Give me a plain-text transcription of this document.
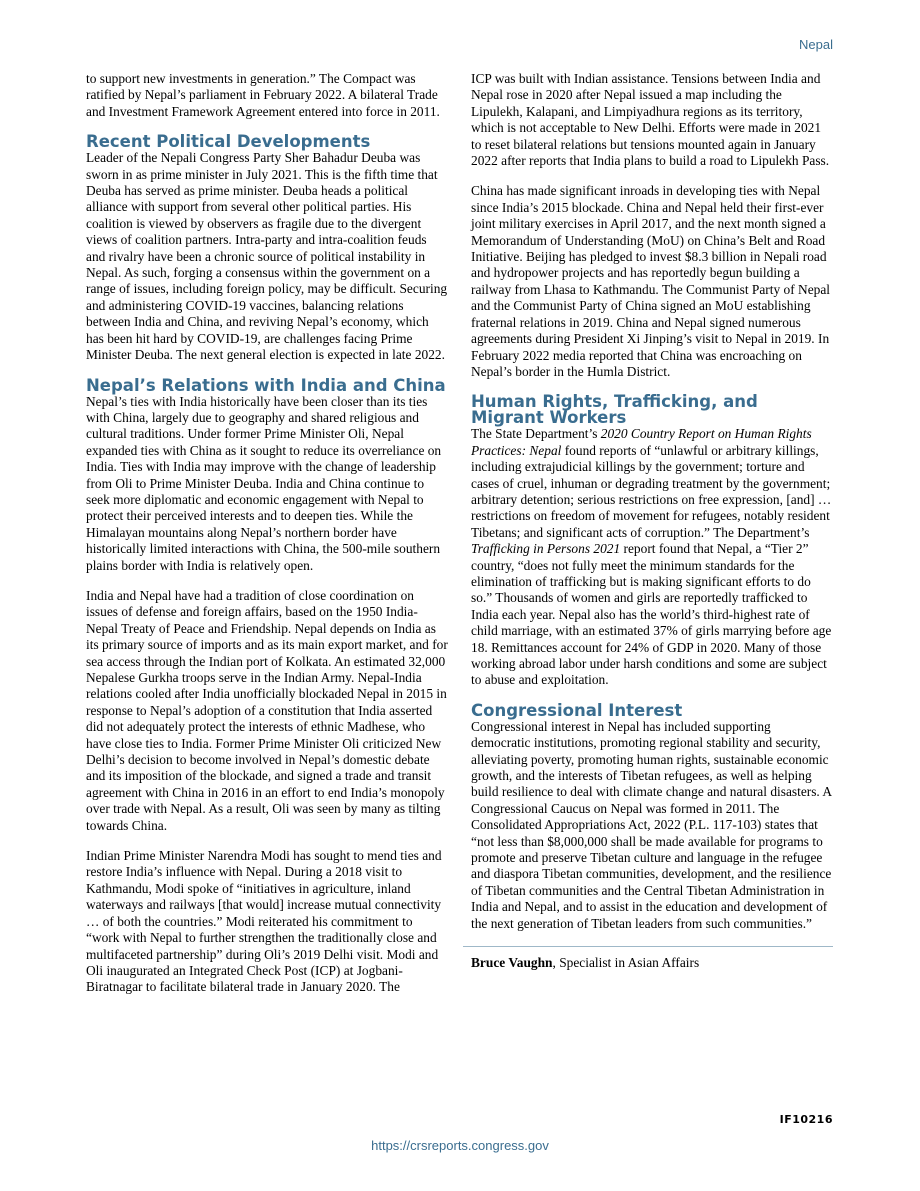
Nepal

to support new investments in generation.” The Compact was ratified by Nepal’s parliament in February 2022. A bilateral Trade and Investment Framework Agreement entered into force in 2011.

Recent Political Developments

Leader of the Nepali Congress Party Sher Bahadur Deuba was sworn in as prime minister in July 2021. This is the fifth time that Deuba has served as prime minister. Deuba heads a political alliance with support from several other political parties. His coalition is viewed by observers as fragile due to the divergent views of coalition partners. Intra-party and intra-coalition feuds and rivalry have been a chronic source of political instability in Nepal. As such, forging a consensus within the government on a range of issues, including foreign policy, may be difficult. Securing and administering COVID-19 vaccines, balancing relations between India and China, and reviving Nepal’s economy, which has been hit hard by COVID-19, are challenges facing Prime Minister Deuba. The next general election is expected in late 2022.

Nepal’s Relations with India and China

Nepal’s ties with India historically have been closer than its ties with China, largely due to geography and shared religious and cultural traditions. Under former Prime Minister Oli, Nepal expanded ties with China as it sought to reduce its overreliance on India. Ties with India may improve with the change of leadership from Oli to Prime Minister Deuba. India and China continue to seek more diplomatic and economic engagement with Nepal to protect their perceived interests and to deepen ties. While the Himalayan mountains along Nepal’s northern border have historically limited interactions with China, the 500-mile southern plains border with India is relatively open.

India and Nepal have had a tradition of close coordination on issues of defense and foreign affairs, based on the 1950 India-Nepal Treaty of Peace and Friendship. Nepal depends on India as its primary source of imports and as its main export market, and for sea access through the Indian port of Kolkata. An estimated 32,000 Nepalese Gurkha troops serve in the Indian Army. Nepal-India relations cooled after India unofficially blockaded Nepal in 2015 in response to Nepal’s adoption of a constitution that India asserted did not adequately protect the interests of ethnic Madhese, who have close ties to India. Former Prime Minister Oli criticized New Delhi’s decision to become involved in Nepal’s domestic debate and its imposition of the blockade, and signed a trade and transit agreement with China in 2016 in an effort to end India’s monopoly over trade with Nepal. As a result, Oli was seen by many as tilting towards China.

Indian Prime Minister Narendra Modi has sought to mend ties and restore India’s influence with Nepal. During a 2018 visit to Kathmandu, Modi spoke of “initiatives in agriculture, inland waterways and railways [that would] increase mutual connectivity … of both the countries.” Modi reiterated his commitment to “work with Nepal to further strengthen the traditionally close and multifaceted partnership” during Oli’s 2019 Delhi visit. Modi and Oli inaugurated an Integrated Check Post (ICP) at Jogbani-Biratnagar to facilitate bilateral trade in January 2020. The

ICP was built with Indian assistance. Tensions between India and Nepal rose in 2020 after Nepal issued a map including the Lipulekh, Kalapani, and Limpiyadhura regions as its territory, which is not acceptable to New Delhi. Efforts were made in 2021 to reset bilateral relations but tensions mounted again in January 2022 after reports that India plans to build a road to Lipulekh Pass.

China has made significant inroads in developing ties with Nepal since India’s 2015 blockade. China and Nepal held their first-ever joint military exercises in April 2017, and the next month signed a Memorandum of Understanding (MoU) on China’s Belt and Road Initiative. Beijing has pledged to invest $8.3 billion in Nepali road and hydropower projects and has reportedly begun building a railway from Lhasa to Kathmandu. The Communist Party of Nepal and the Communist Party of China signed an MoU establishing fraternal relations in 2019. China and Nepal signed numerous agreements during President Xi Jinping’s visit to Nepal in 2019. In February 2022 media reported that China was encroaching on Nepal’s border in the Humla District.

Human Rights, Trafficking, and Migrant Workers

The State Department’s 2020 Country Report on Human Rights Practices: Nepal found reports of “unlawful or arbitrary killings, including extrajudicial killings by the government; torture and cases of cruel, inhuman or degrading treatment by the government; arbitrary detention; serious restrictions on free expression, [and] … restrictions on freedom of movement for refugees, notably resident Tibetans; and significant acts of corruption.” The Department’s Trafficking in Persons 2021 report found that Nepal, a “Tier 2” country, “does not fully meet the minimum standards for the elimination of trafficking but is making significant efforts to do so.” Thousands of women and girls are reportedly trafficked to India each year. Nepal also has the world’s third-highest rate of child marriage, with an estimated 37% of girls marrying before age 18. Remittances account for 24% of GDP in 2020. Many of those working abroad labor under harsh conditions and some are subject to abuse and exploitation.

Congressional Interest

Congressional interest in Nepal has included supporting democratic institutions, promoting regional stability and security, alleviating poverty, promoting human rights, sustainable economic growth, and the interests of Tibetan refugees, as well as helping build resilience to deal with climate change and natural disasters. A Congressional Caucus on Nepal was formed in 2011. The Consolidated Appropriations Act, 2022 (P.L. 117-103) states that “not less than $8,000,000 shall be made available for programs to promote and preserve Tibetan culture and language in the refugee and diaspora Tibetan communities, development, and the resilience of Tibetan communities and the Central Tibetan Administration in India and Nepal, and to assist in the education and development of the next generation of Tibetan leaders from such communities.”

Bruce Vaughn, Specialist in Asian Affairs
IF10216
https://crsreports.congress.gov
